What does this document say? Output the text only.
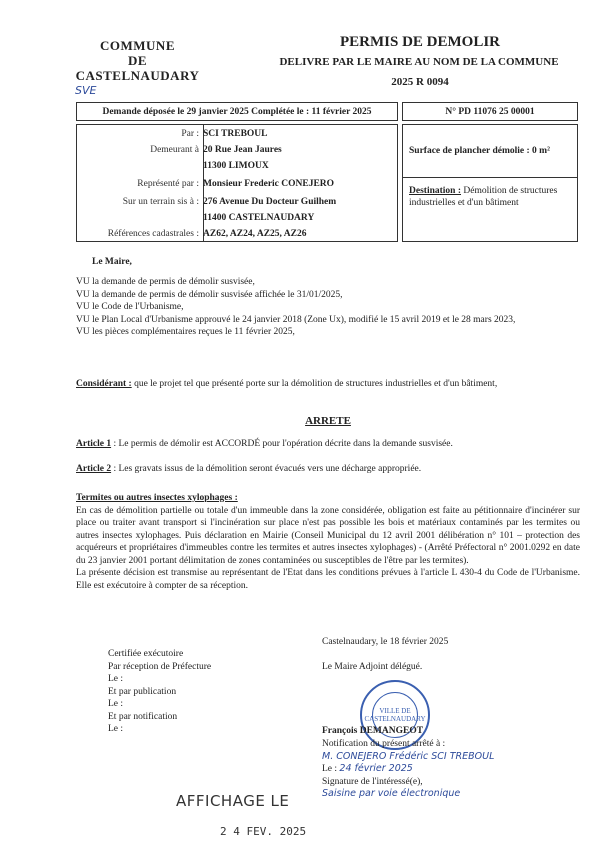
COMMUNE
DE
CASTELNAUDARY
SVE
PERMIS DE DEMOLIR
DELIVRE PAR LE MAIRE AU NOM DE LA COMMUNE
2025 R 0094
Demande déposée le 29 janvier 2025 Complétée le : 11 février 2025	N° PD 11076 25 00001
Par : SCI TREBOUL
Demeurant à 20 Rue Jean Jaures
11300 LIMOUX
Représenté par : Monsieur Frederic CONEJERO
Sur un terrain sis à : 276 Avenue Du Docteur Guilhem
11400 CASTELNAUDARY
Références cadastrales : AZ62, AZ24, AZ25, AZ26
Surface de plancher démolie : 0 m²
Destination : Démolition de structures industrielles et d'un bâtiment
Le Maire,
VU la demande de permis de démolir susvisée,
VU la demande de permis de démolir susvisée affichée le 31/01/2025,
VU le Code de l'Urbanisme,
VU le Plan Local d'Urbanisme approuvé le 24 janvier 2018 (Zone Ux), modifié le 15 avril 2019 et le 28 mars 2023,
VU les pièces complémentaires reçues le 11 février 2025,
Considérant : que le projet tel que présenté porte sur la démolition de structures industrielles et d'un bâtiment,
ARRETE
Article 1 : Le permis de démolir est ACCORDÉ pour l'opération décrite dans la demande susvisée.
Article 2 : Les gravats issus de la démolition seront évacués vers une décharge appropriée.
Termites ou autres insectes xylophages :
En cas de démolition partielle ou totale d'un immeuble dans la zone considérée, obligation est faite au pétitionnaire d'incinérer sur place ou traiter avant transport si l'incinération sur place n'est pas possible les bois et matériaux contaminés par les termites ou autres insectes xylophages. Puis déclaration en Mairie (Conseil Municipal du 12 avril 2001 délibération n° 101 – protection des acquéreurs et propriétaires d'immeubles contre les termites et autres insectes xylophages) - (Arrêté Préfectoral n° 2001.0292 en date du 23 janvier 2001 portant délimitation de zones contaminées ou susceptibles de l'être par les termites).
La présente décision est transmise au représentant de l'Etat dans les conditions prévues à l'article L 430-4 du Code de l'Urbanisme. Elle est exécutoire à compter de sa réception.
Castelnaudary, le 18 février 2025
Le Maire Adjoint délégué.
Certifiée exécutoire
Par réception de Préfecture
Le :
Et par publication
Le :
Et par notification
Le :
VILLE DE CASTELNAUDARY
François DEMANGEOT
Notification du présent arrêté à :
M. CONEJERO Frédéric SCI TREBOUL
Le : 24 février 2025
Signature de l'intéressé(e),
Saisine par voie électronique
AFFICHAGE LE
2 4 FEV. 2025
